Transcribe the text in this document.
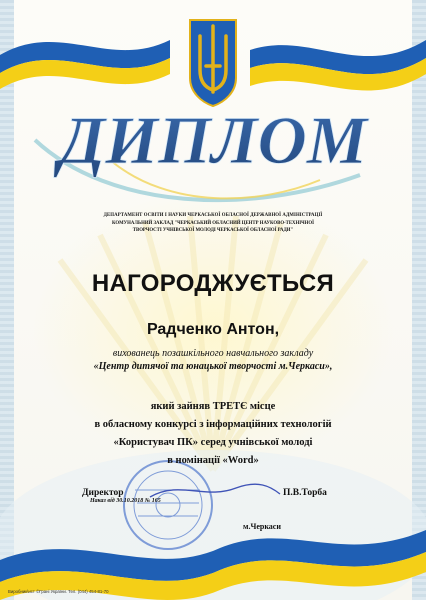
ДИПЛОМ

ДЕПАРТАМЕНТ ОСВІТИ І НАУКИ ЧЕРКАСЬКОЇ ОБЛАСНОЇ ДЕРЖАВНОЇ АДМІНІСТРАЦІЇ

КОМУНАЛЬНИЙ ЗАКЛАД "ЧЕРКАСЬКИЙ ОБЛАСНИЙ ЦЕНТР НАУКОВО-ТЕХНІЧНОЇ

ТВОРЧОСТІ УЧНІВСЬКОЇ МОЛОДІ ЧЕРКАСЬКОЇ ОБЛАСНОЇ РАДИ"

НАГОРОДЖУЄТЬСЯ

Радченко Антон,

вихованець позашкільного навчального закладу

«Центр дитячої та юнацької творчості м.Черкаси»,

який зайняв ТРЕТЄ місце

в обласному конкурсі з інформаційних технологій

«Користувач ПК» серед учнівської молоді

в номінації «Word»

Директор
Наказ від 30.10.2018 № 165
П.В.Торба
м.Черкаси
Виробник\ист ©Грані України. Тел. (044) 454-81-70
